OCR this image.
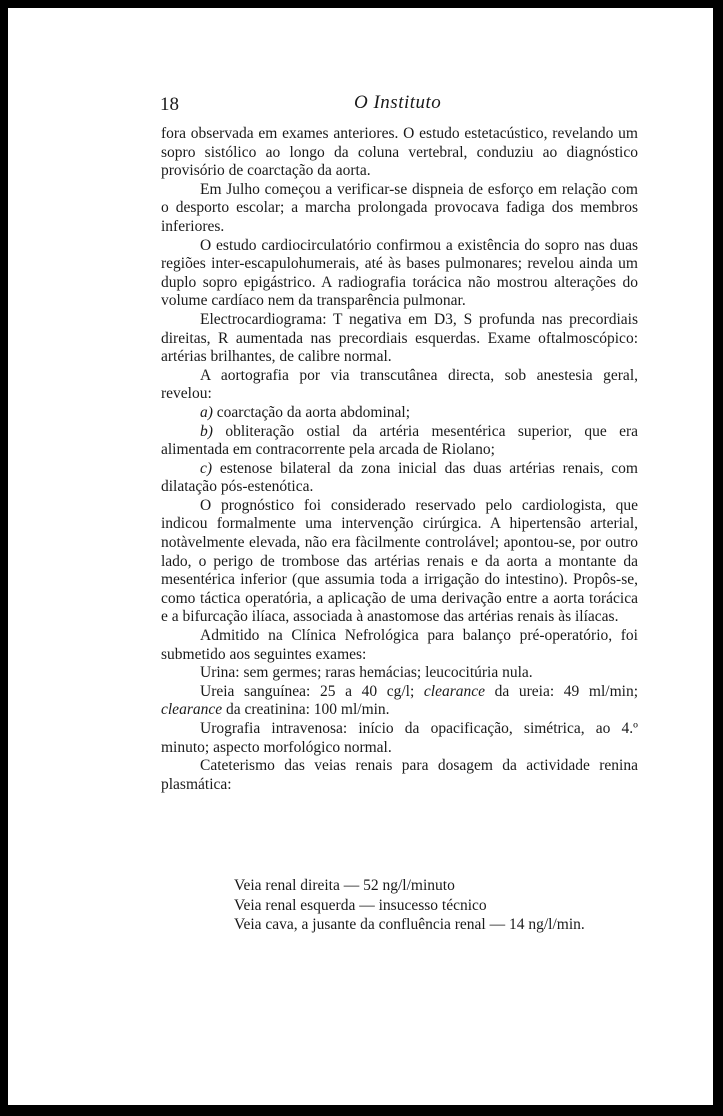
18	O Instituto

fora observada em exames anteriores. O estudo estetacústico, revelando um sopro sistólico ao longo da coluna vertebral, conduziu ao diagnóstico provisório de coarctação da aorta.

Em Julho começou a verificar-se dispneia de esforço em relação com o desporto escolar; a marcha prolongada provocava fadiga dos membros inferiores.

O estudo cardiocirculatório confirmou a existência do sopro nas duas regiões inter-escapulohumerais, até às bases pulmonares; revelou ainda um duplo sopro epigástrico. A radiografia torácica não mostrou alterações do volume cardíaco nem da transparência pulmonar.

Electrocardiograma: T negativa em D3, S profunda nas precordiais direitas, R aumentada nas precordiais esquerdas. Exame oftalmoscópico: artérias brilhantes, de calibre normal.

A aortografia por via transcutânea directa, sob anestesia geral, revelou:

a) coarctação da aorta abdominal;

b) obliteração ostial da artéria mesentérica superior, que era alimentada em contracorrente pela arcada de Riolano;

c) estenose bilateral da zona inicial das duas artérias renais, com dilatação pós-estenótica.

O prognóstico foi considerado reservado pelo cardiologista, que indicou formalmente uma intervenção cirúrgica. A hipertensão arterial, notàvelmente elevada, não era fàcilmente controlável; apontou-se, por outro lado, o perigo de trombose das artérias renais e da aorta a montante da mesentérica inferior (que assumia toda a irrigação do intestino). Propôs-se, como táctica operatória, a aplicação de uma derivação entre a aorta torácica e a bifurcação ilíaca, associada à anastomose das artérias renais às ilíacas.

Admitido na Clínica Nefrológica para balanço pré-operatório, foi submetido aos seguintes exames:

Urina: sem germes; raras hemácias; leucocitúria nula.

Ureia sanguínea: 25 a 40 cg/l; clearance da ureia: 49 ml/min; clearance da creatinina: 100 ml/min.

Urografia intravenosa: início da opacificação, simétrica, ao 4.º minuto; aspecto morfológico normal.

Cateterismo das veias renais para dosagem da actividade renina plasmática:

Veia renal direita — 52 ng/l/minuto
Veia renal esquerda — insucesso técnico
Veia cava, a jusante da confluência renal — 14 ng/l/min.
